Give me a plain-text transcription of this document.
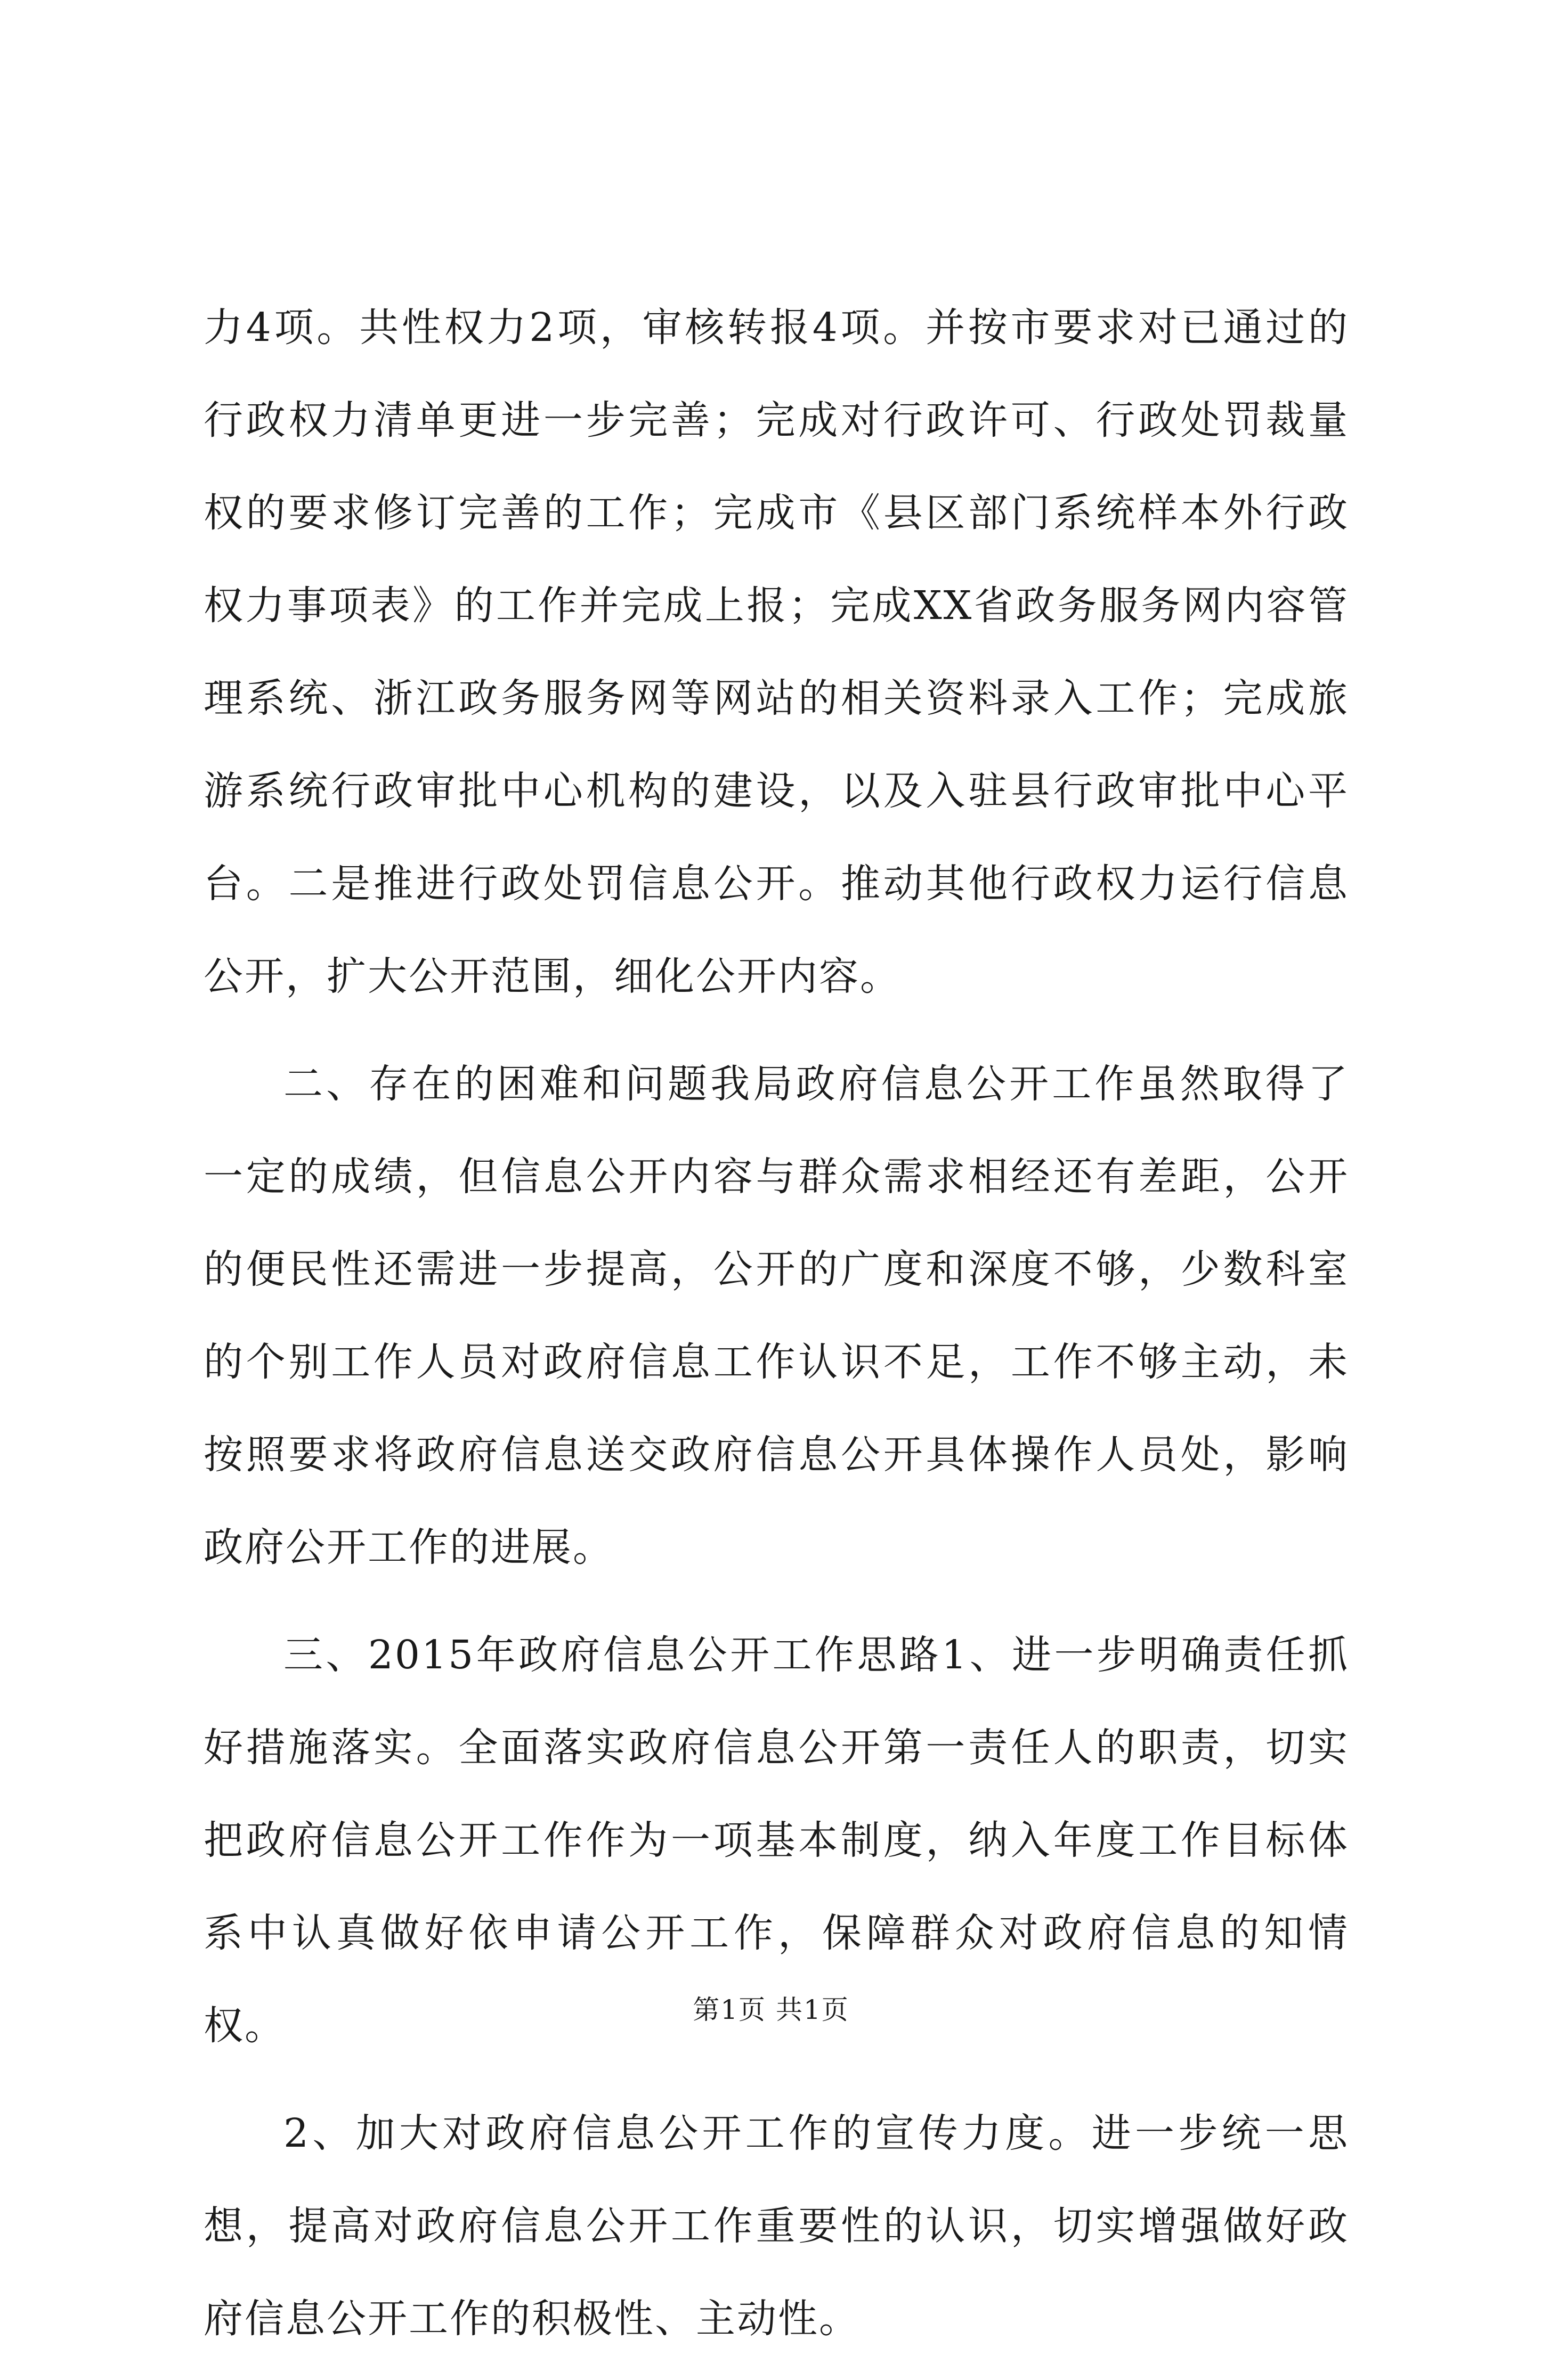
力4项。共性权力2项，审核转报4项。并按市要求对已通过的行政权力清单更进一步完善；完成对行政许可、行政处罚裁量权的要求修订完善的工作；完成市《县区部门系统样本外行政权力事项表》的工作并完成上报；完成XX省政务服务网内容管理系统、浙江政务服务网等网站的相关资料录入工作；完成旅游系统行政审批中心机构的建设，以及入驻县行政审批中心平台。二是推进行政处罚信息公开。推动其他行政权力运行信息公开，扩大公开范围，细化公开内容。

二、存在的困难和问题我局政府信息公开工作虽然取得了一定的成绩，但信息公开内容与群众需求相经还有差距，公开的便民性还需进一步提高，公开的广度和深度不够，少数科室的个别工作人员对政府信息工作认识不足，工作不够主动，未按照要求将政府信息送交政府信息公开具体操作人员处，影响政府公开工作的进展。

三、2015年政府信息公开工作思路1、进一步明确责任抓好措施落实。全面落实政府信息公开第一责任人的职责，切实把政府信息公开工作作为一项基本制度，纳入年度工作目标体系中认真做好依申请公开工作，保障群众对政府信息的知情权。

2、加大对政府信息公开工作的宣传力度。进一步统一思想，提高对政府信息公开工作重要性的认识，切实增强做好政府信息公开工作的积极性、主动性。

第1页 共1页
